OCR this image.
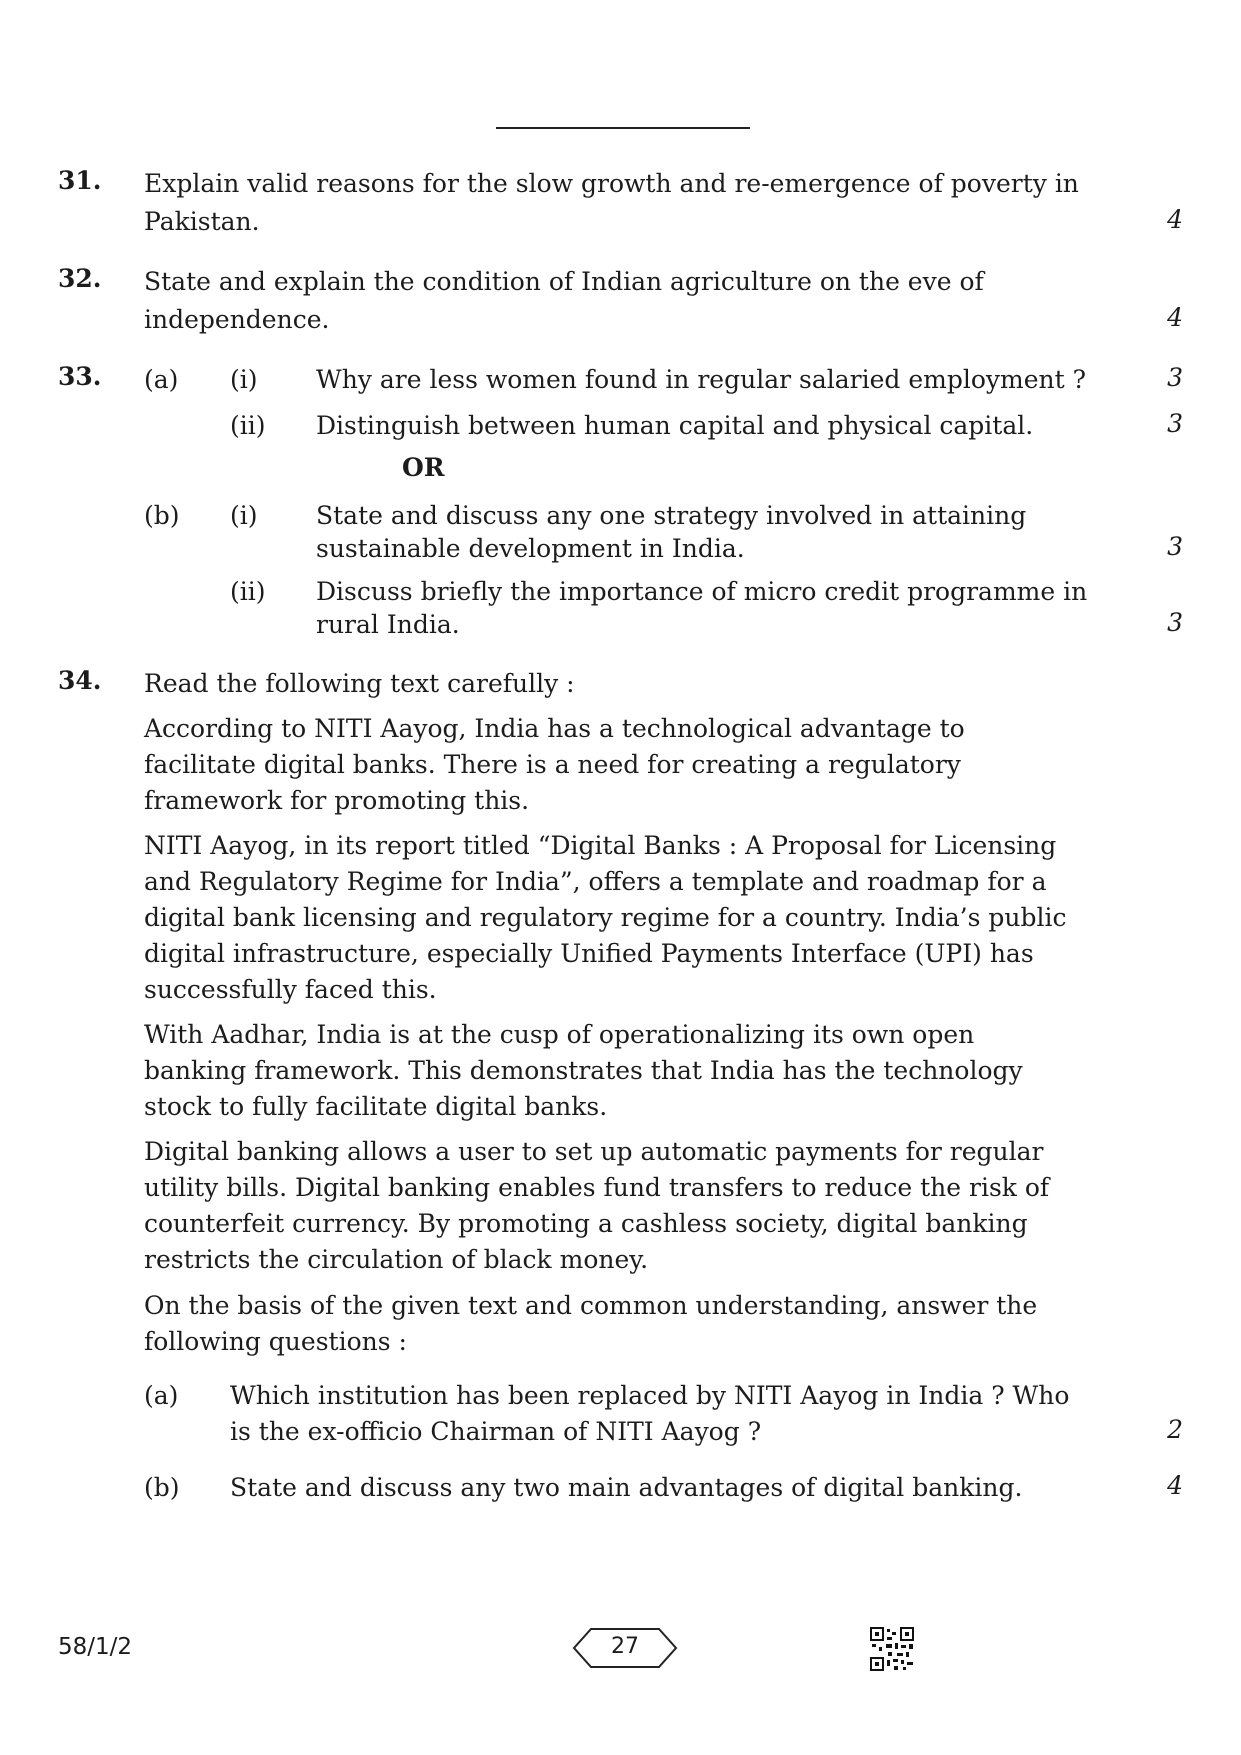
31. Explain valid reasons for the slow growth and re-emergence of poverty in
Pakistan.	4
32. State and explain the condition of Indian agriculture on the eve of
independence.	4
33. (a) (i) Why are less women found in regular salaried employment ?	3
(ii) Distinguish between human capital and physical capital.	3
OR
(b) (i) State and discuss any one strategy involved in attaining
sustainable development in India.	3
(ii) Discuss briefly the importance of micro credit programme in
rural India.	3
34. Read the following text carefully :
According to NITI Aayog, India has a technological advantage to
facilitate digital banks. There is a need for creating a regulatory
framework for promoting this.
NITI Aayog, in its report titled “Digital Banks : A Proposal for Licensing
and Regulatory Regime for India”, offers a template and roadmap for a
digital bank licensing and regulatory regime for a country. India’s public
digital infrastructure, especially Unified Payments Interface (UPI) has
successfully faced this.
With Aadhar, India is at the cusp of operationalizing its own open
banking framework. This demonstrates that India has the technology
stock to fully facilitate digital banks.
Digital banking allows a user to set up automatic payments for regular
utility bills. Digital banking enables fund transfers to reduce the risk of
counterfeit currency. By promoting a cashless society, digital banking
restricts the circulation of black money.
On the basis of the given text and common understanding, answer the
following questions :
(a) Which institution has been replaced by NITI Aayog in India ? Who
is the ex-officio Chairman of NITI Aayog ?	2
(b) State and discuss any two main advantages of digital banking.	4
58/1/2	27
